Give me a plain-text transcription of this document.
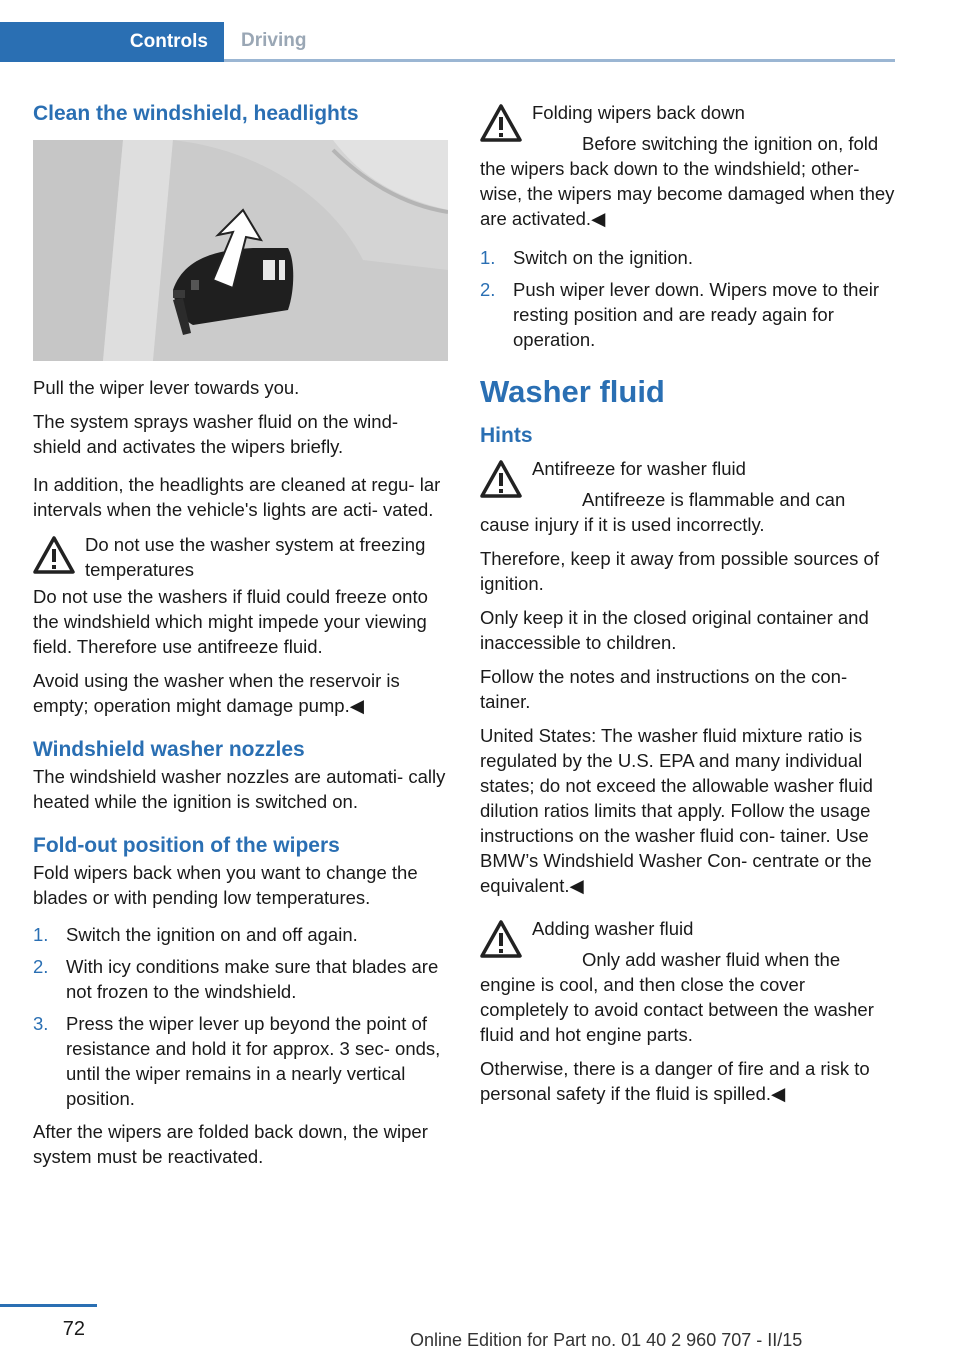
Controls	Driving
Clean the windshield, headlights

Pull the wiper lever towards you.

The system sprays washer fluid on the wind‐ shield and activates the wipers briefly.

In addition, the headlights are cleaned at regu‐ lar intervals when the vehicle's lights are acti‐ vated.

Do not use the washer system at freezing temperatures

Do not use the washers if fluid could freeze onto the windshield which might impede your viewing field. Therefore use antifreeze fluid.

Avoid using the washer when the reservoir is empty; operation might damage pump.◀

Windshield washer nozzles

The windshield washer nozzles are automati‐ cally heated while the ignition is switched on.

Fold-out position of the wipers

Fold wipers back when you want to change the blades or with pending low temperatures.

1. Switch the ignition on and off again.
2. With icy conditions make sure that blades are not frozen to the windshield.
3. Press the wiper lever up beyond the point of resistance and hold it for approx. 3 sec‐ onds, until the wiper remains in a nearly vertical position.

After the wipers are folded back down, the wiper system must be reactivated.

Folding wipers back down

Before switching the ignition on, fold the wipers back down to the windshield; other‐ wise, the wipers may become damaged when they are activated.◀

1. Switch on the ignition.
2. Push wiper lever down. Wipers move to their resting position and are ready again for operation.
Washer fluid
Hints

Antifreeze for washer fluid

Antifreeze is flammable and can cause injury if it is used incorrectly.

Therefore, keep it away from possible sources of ignition.

Only keep it in the closed original container and inaccessible to children.

Follow the notes and instructions on the con‐ tainer.

United States: The washer fluid mixture ratio is regulated by the U.S. EPA and many individual states; do not exceed the allowable washer fluid dilution ratios limits that apply. Follow the usage instructions on the washer fluid con‐ tainer. Use BMW’s Windshield Washer Con‐ centrate or the equivalent.◀

Adding washer fluid

Only add washer fluid when the engine is cool, and then close the cover completely to avoid contact between the washer fluid and hot engine parts.

Otherwise, there is a danger of fire and a risk to personal safety if the fluid is spilled.◀

72	Online Edition for Part no. 01 40 2 960 707 - II/15
